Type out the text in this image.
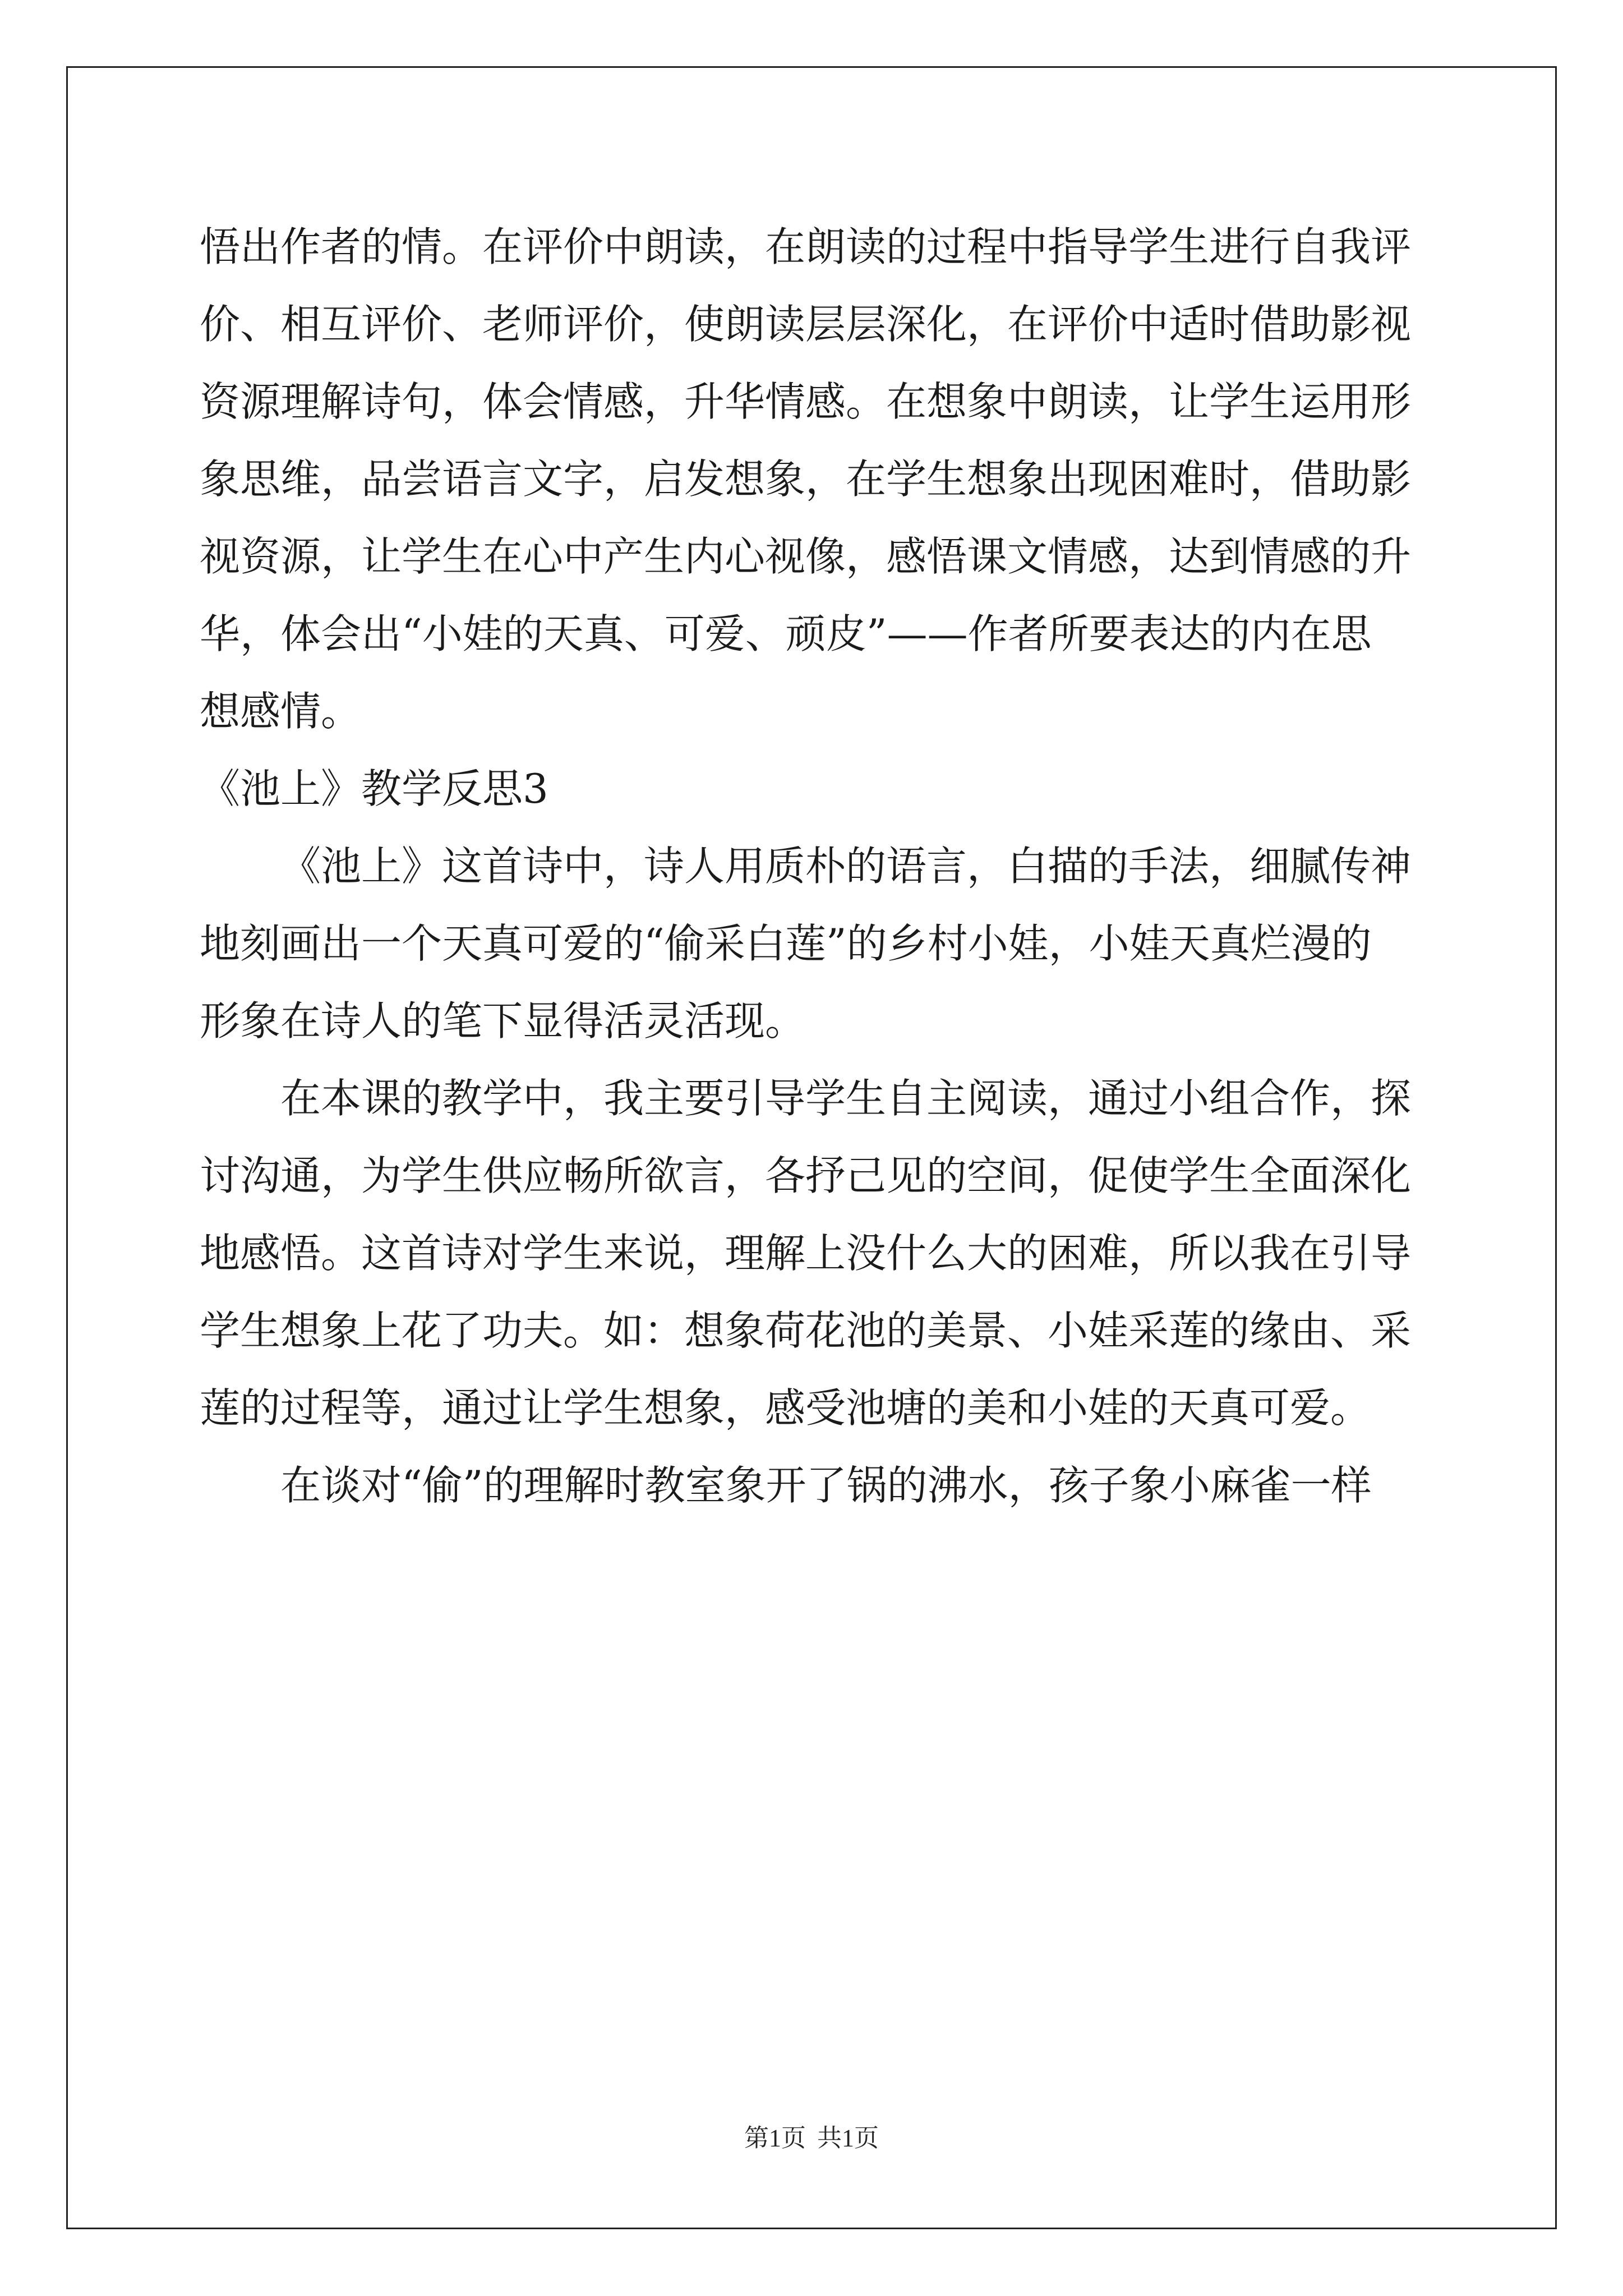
悟出作者的情。在评价中朗读，在朗读的过程中指导学生进行自我评
价、相互评价、老师评价，使朗读层层深化，在评价中适时借助影视
资源理解诗句，体会情感，升华情感。在想象中朗读，让学生运用形
象思维，品尝语言文字，启发想象，在学生想象出现困难时，借助影
视资源，让学生在心中产生内心视像，感悟课文情感，达到情感的升
华，体会出“小娃的天真、可爱、顽皮”——作者所要表达的内在思
想感情。
《池上》教学反思3
《池上》这首诗中，诗人用质朴的语言，白描的手法，细腻传神
地刻画出一个天真可爱的“偷采白莲”的乡村小娃，小娃天真烂漫的
形象在诗人的笔下显得活灵活现。
在本课的教学中，我主要引导学生自主阅读，通过小组合作，探
讨沟通，为学生供应畅所欲言，各抒己见的空间，促使学生全面深化
地感悟。这首诗对学生来说，理解上没什么大的困难，所以我在引导
学生想象上花了功夫。如：想象荷花池的美景、小娃采莲的缘由、采
莲的过程等，通过让学生想象，感受池塘的美和小娃的天真可爱。
在谈对“偷”的理解时教室象开了锅的沸水，孩子象小麻雀一样
第1页 共1页
